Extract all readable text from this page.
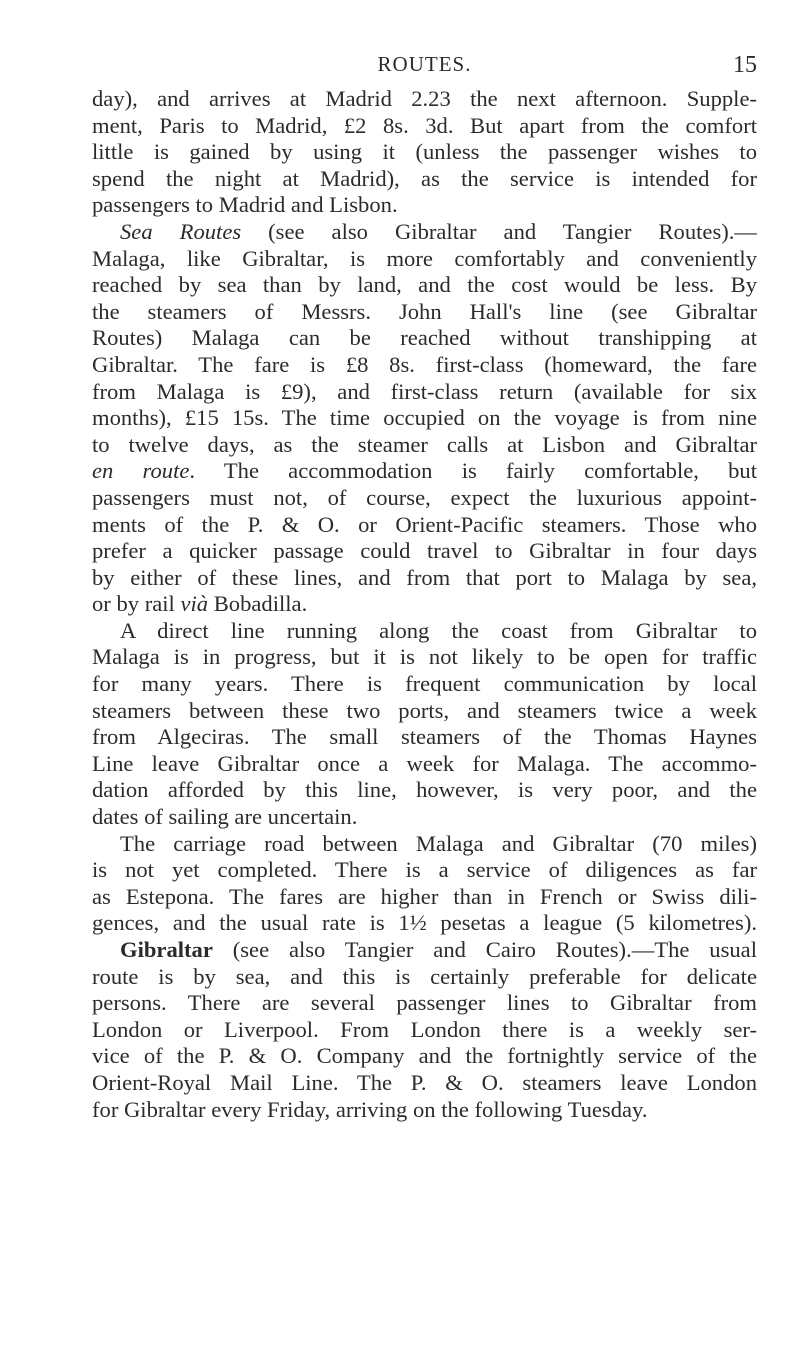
ROUTES.	15
day), and arrives at Madrid 2.23 the next afternoon. Supple-
ment, Paris to Madrid, £2 8s. 3d. But apart from the comfort
little is gained by using it (unless the passenger wishes to
spend the night at Madrid), as the service is intended for
passengers to Madrid and Lisbon.
Sea Routes (see also Gibraltar and Tangier Routes).—
Malaga, like Gibraltar, is more comfortably and conveniently
reached by sea than by land, and the cost would be less. By
the steamers of Messrs. John Hall's line (see Gibraltar
Routes) Malaga can be reached without transhipping at
Gibraltar. The fare is £8 8s. first-class (homeward, the fare
from Malaga is £9), and first-class return (available for six
months), £15 15s. The time occupied on the voyage is from nine
to twelve days, as the steamer calls at Lisbon and Gibraltar
en route. The accommodation is fairly comfortable, but
passengers must not, of course, expect the luxurious appoint-
ments of the P. & O. or Orient-Pacific steamers. Those who
prefer a quicker passage could travel to Gibraltar in four days
by either of these lines, and from that port to Malaga by sea,
or by rail vià Bobadilla.
A direct line running along the coast from Gibraltar to
Malaga is in progress, but it is not likely to be open for traffic
for many years. There is frequent communication by local
steamers between these two ports, and steamers twice a week
from Algeciras. The small steamers of the Thomas Haynes
Line leave Gibraltar once a week for Malaga. The accommo-
dation afforded by this line, however, is very poor, and the
dates of sailing are uncertain.
The carriage road between Malaga and Gibraltar (70 miles)
is not yet completed. There is a service of diligences as far
as Estepona. The fares are higher than in French or Swiss dili-
gences, and the usual rate is 1½ pesetas a league (5 kilometres).
Gibraltar (see also Tangier and Cairo Routes).—The usual
route is by sea, and this is certainly preferable for delicate
persons. There are several passenger lines to Gibraltar from
London or Liverpool. From London there is a weekly ser-
vice of the P. & O. Company and the fortnightly service of the
Orient-Royal Mail Line. The P. & O. steamers leave London
for Gibraltar every Friday, arriving on the following Tuesday.
